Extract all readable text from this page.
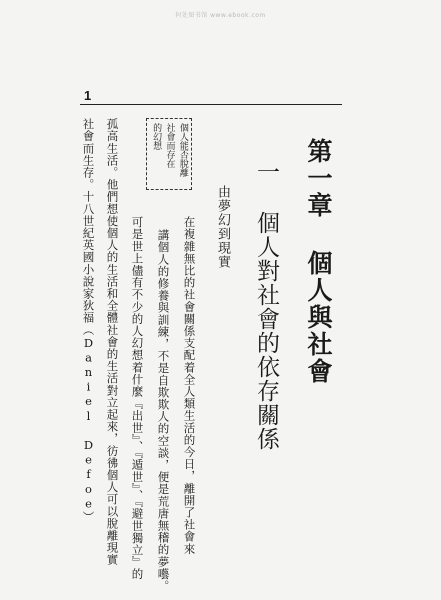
何处图书馆 www.ebook.com
1
第一章 個人與社會
一 個人對社會的依存關係
由夢幻到現實
個人能否脫離
社會而存在
的幻想
在複雜無比的社會關係支配着全人類生活的今日，離開了社會來
講個人的修養與訓練，不是自欺欺人的空談，便是荒唐無稽的夢囈。
可是世上儘有不少的人幻想着什麼『出世』、『遁世』、『避世獨立』的
孤高生活。他們想使個人的生活和全體社會的生活對立起來，彷彿個人可以脫離現實
社會而生存。十八世紀英國小說家狄福（Daniel Defoe）
